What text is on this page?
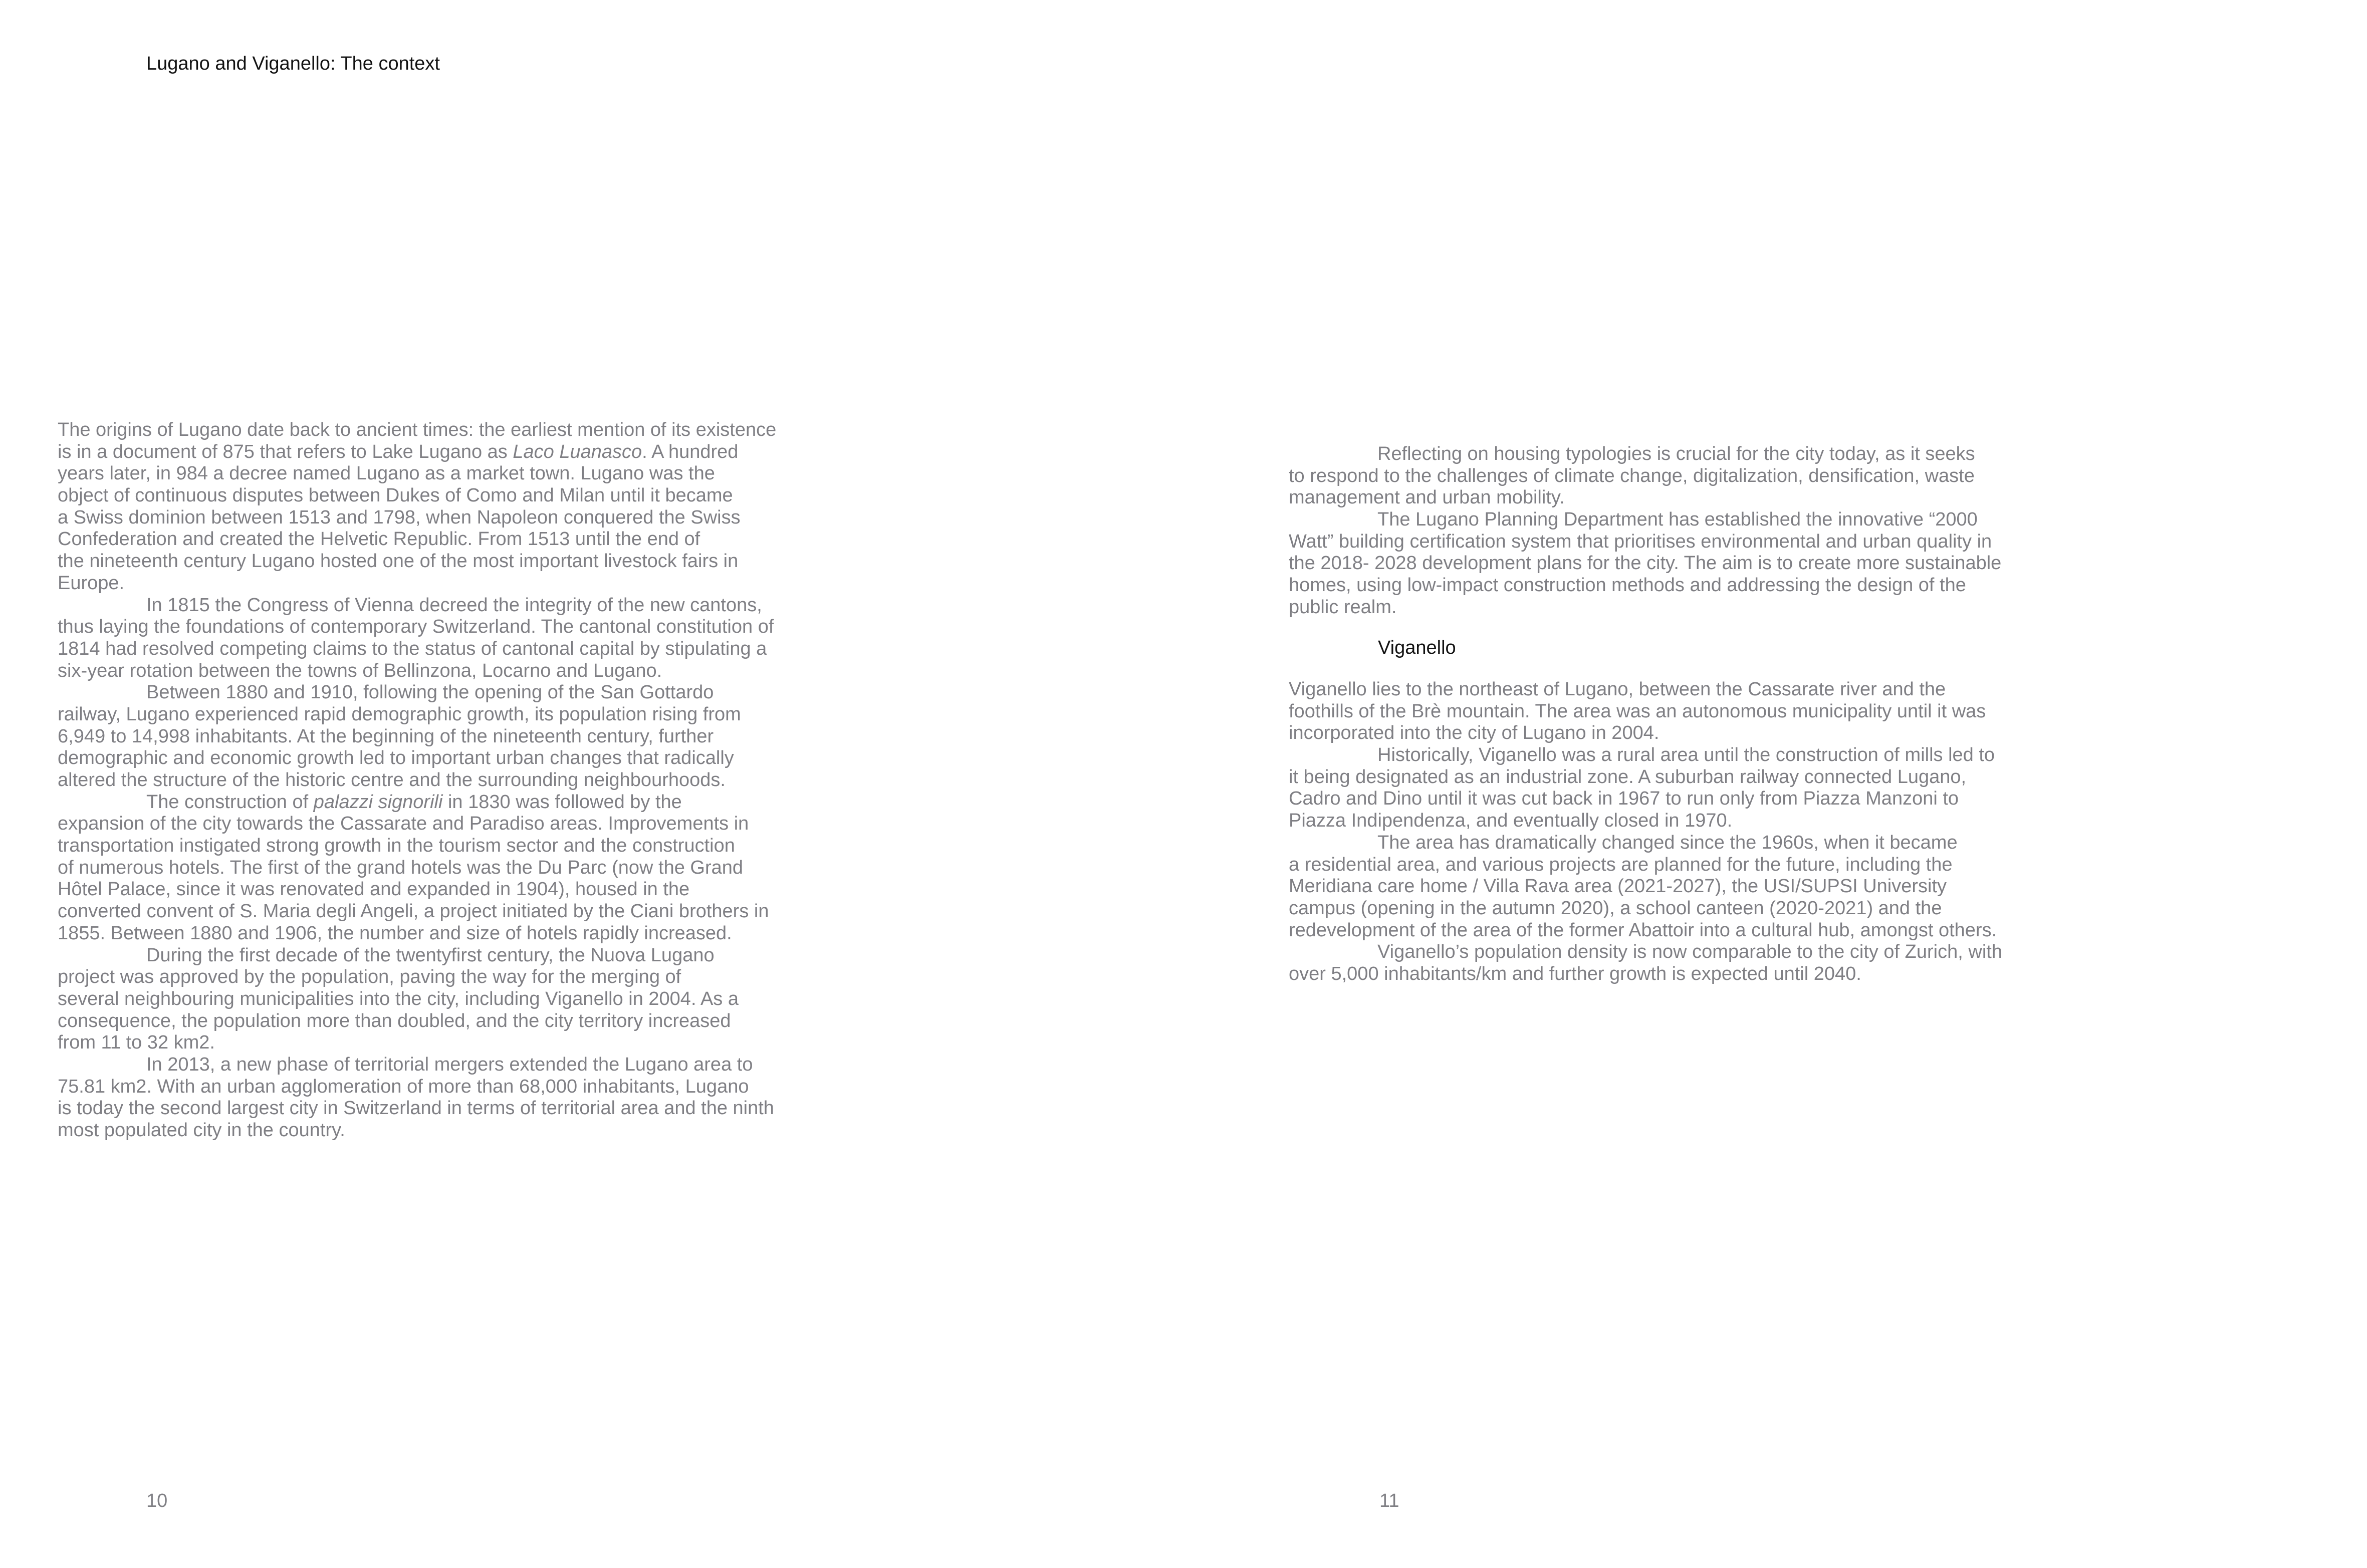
Lugano and Viganello: The context
The origins of Lugano date back to ancient times: the earliest mention of its existence
is in a document of 875 that refers to Lake Lugano as Laco Luanasco. A hundred
years later, in 984 a decree named Lugano as a market town. Lugano was the
object of continuous disputes between Dukes of Como and Milan until it became
a Swiss dominion between 1513 and 1798, when Napoleon conquered the Swiss
Confederation and created the Helvetic Republic. From 1513 until the end of
the nineteenth century Lugano hosted one of the most important livestock fairs in
Europe.
In 1815 the Congress of Vienna decreed the integrity of the new cantons,
thus laying the foundations of contemporary Switzerland. The cantonal constitution of
1814 had resolved competing claims to the status of cantonal capital by stipulating a
six-year rotation between the towns of Bellinzona, Locarno and Lugano.
Between 1880 and 1910, following the opening of the San Gottardo
railway, Lugano experienced rapid demographic growth, its population rising from
6,949 to 14,998 inhabitants. At the beginning of the nineteenth century, further
demographic and economic growth led to important urban changes that radically
altered the structure of the historic centre and the surrounding neighbourhoods.
The construction of palazzi signorili in 1830 was followed by the
expansion of the city towards the Cassarate and Paradiso areas. Improvements in
transportation instigated strong growth in the tourism sector and the construction
of numerous hotels. The first of the grand hotels was the Du Parc (now the Grand
Hôtel Palace, since it was renovated and expanded in 1904), housed in the
converted convent of S. Maria degli Angeli, a project initiated by the Ciani brothers in
1855. Between 1880 and 1906, the number and size of hotels rapidly increased.
During the first decade of the twentyfirst century, the Nuova Lugano
project was approved by the population, paving the way for the merging of
several neighbouring municipalities into the city, including Viganello in 2004. As a
consequence, the population more than doubled, and the city territory increased
from 11 to 32 km2.
In 2013, a new phase of territorial mergers extended the Lugano area to
75.81 km2. With an urban agglomeration of more than 68,000 inhabitants, Lugano
is today the second largest city in Switzerland in terms of territorial area and the ninth
most populated city in the country.
10
Reflecting on housing typologies is crucial for the city today, as it seeks
to respond to the challenges of climate change, digitalization, densification, waste
management and urban mobility.
The Lugano Planning Department has established the innovative “2000
Watt” building certification system that prioritises environmental and urban quality in
the 2018- 2028 development plans for the city. The aim is to create more sustainable
homes, using low-impact construction methods and addressing the design of the
public realm.
Viganello
Viganello lies to the northeast of Lugano, between the Cassarate river and the
foothills of the Brè mountain. The area was an autonomous municipality until it was
incorporated into the city of Lugano in 2004.
Historically, Viganello was a rural area until the construction of mills led to
it being designated as an industrial zone. A suburban railway connected Lugano,
Cadro and Dino until it was cut back in 1967 to run only from Piazza Manzoni to
Piazza Indipendenza, and eventually closed in 1970.
The area has dramatically changed since the 1960s, when it became
a residential area, and various projects are planned for the future, including the
Meridiana care home / Villa Rava area (2021-2027), the USI/SUPSI University
campus (opening in the autumn 2020), a school canteen (2020-2021) and the
redevelopment of the area of the former Abattoir into a cultural hub, amongst others.
Viganello’s population density is now comparable to the city of Zurich, with
over 5,000 inhabitants/km and further growth is expected until 2040.
11
